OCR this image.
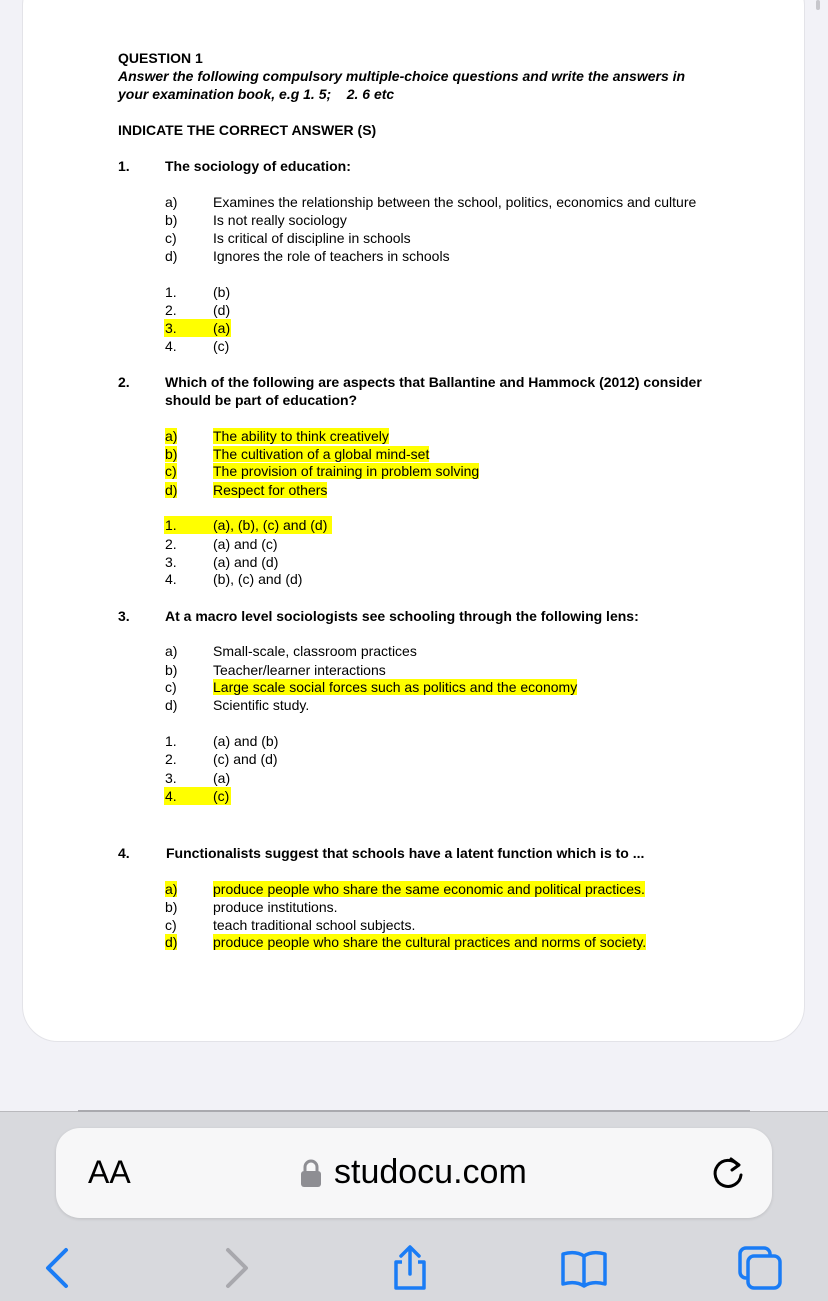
QUESTION 1
Answer the following compulsory multiple-choice questions and write the answers in
your examination book, e.g 1. 5;    2. 6 etc
INDICATE THE CORRECT ANSWER (S)
1.	The sociology of education:
a)	Examines the relationship between the school, politics, economics and culture
b)	Is not really sociology
c)	Is critical of discipline in schools
d)	Ignores the role of teachers in schools
1.	(b)
2.	(d)
3.	(a)
4.	(c)
2.	Which of the following are aspects that Ballantine and Hammock (2012) consider
should be part of education?
a)	The ability to think creatively
b)	The cultivation of a global mind-set
c)	The provision of training in problem solving
d)	Respect for others
1.	(a), (b), (c) and (d)
2.	(a) and (c)
3.	(a) and (d)
4.	(b), (c) and (d)
3.	At a macro level sociologists see schooling through the following lens:
a)	Small-scale, classroom practices
b)	Teacher/learner interactions
c)	Large scale social forces such as politics and the economy
d)	Scientific study.
1.	(a) and (b)
2.	(c) and (d)
3.	(a)
4.	(c)
4.	Functionalists suggest that schools have a latent function which is to ...
a)	produce people who share the same economic and political practices.
b)	produce institutions.
c)	teach traditional school subjects.
d)	produce people who share the cultural practices and norms of society.
AA	studocu.com
